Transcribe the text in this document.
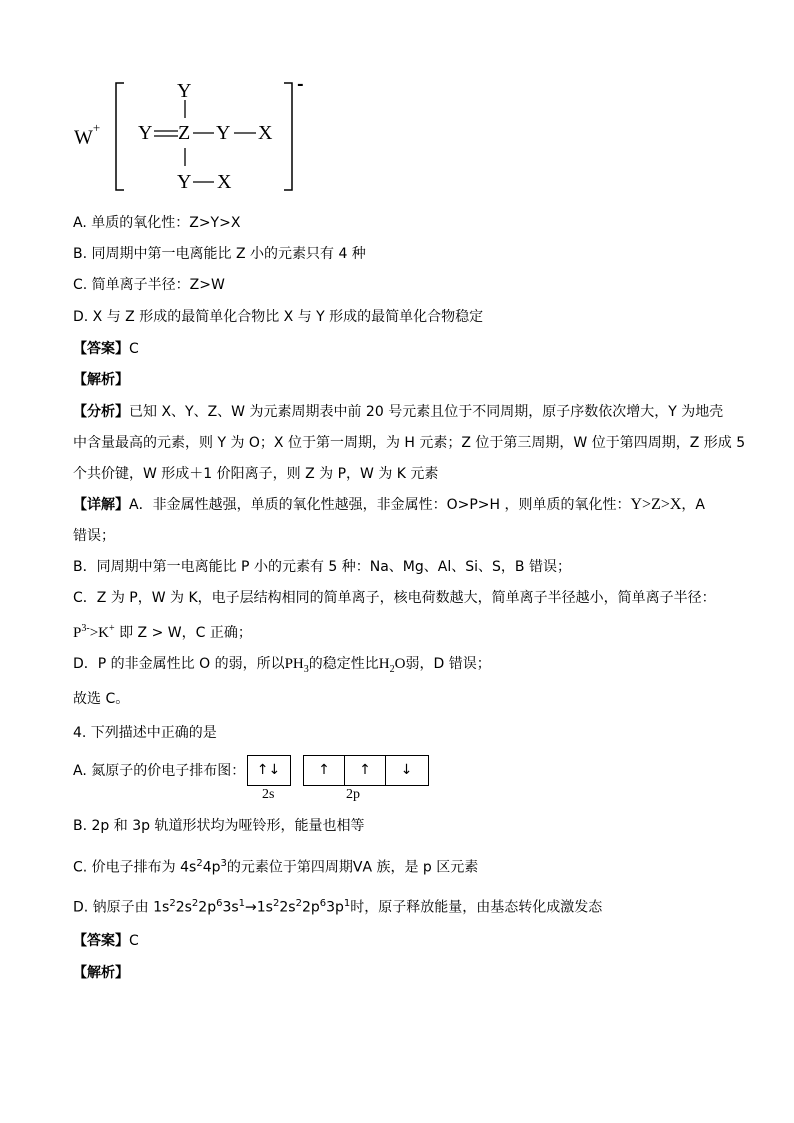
W+
Y
Y Z Y X
Y X
-
A. 单质的氧化性：Z>Y>X
B. 同周期中第一电离能比 Z 小的元素只有 4 种
C. 简单离子半径：Z>W
D. X 与 Z 形成的最简单化合物比 X 与 Y 形成的最简单化合物稳定
【答案】C
【解析】
【分析】已知 X、Y、Z、W 为元素周期表中前 20 号元素且位于不同周期，原子序数依次增大，Y 为地壳
中含量最高的元素，则 Y 为 O；X 位于第一周期，为 H 元素；Z 位于第三周期，W 位于第四周期，Z 形成 5
个共价键，W 形成＋1 价阳离子，则 Z 为 P，W 为 K 元素
【详解】A．非金属性越强，单质的氧化性越强，非金属性：O>P>H ，则单质的氧化性：Y>Z>X，A
错误；
B．同周期中第一电离能比 P 小的元素有 5 种：Na、Mg、Al、Si、S，B 错误；
C．Z 为 P，W 为 K，电子层结构相同的简单离子，核电荷数越大，简单离子半径越小，简单离子半径：
$P^{3-}>K^+$ 即 Z > W，C 正确；
D．P 的非金属性比 O 的弱，所以$PH_3$的稳定性比$H_2O$弱，D 错误；
故选 C。
4. 下列描述中正确的是
A. 氮原子的价电子排布图： ↑↓	↑	↑	↓
2s	2p
B. 2p 和 3p 轨道形状均为哑铃形，能量也相等
C. 价电子排布为 $4s^24p^3$的元素位于第四周期ⅤA 族，是 p 区元素
D. 钠原子由 $1s^22s^22p^63s^1\to 1s^22s^22p^63p^1$时，原子释放能量，由基态转化成激发态
【答案】C
【解析】
